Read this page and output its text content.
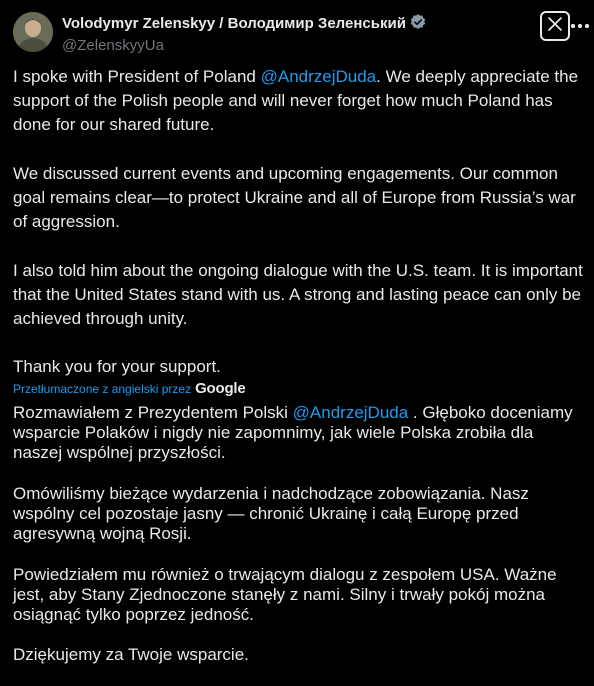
Volodymyr Zelenskyy / Володимир Зеленський
@ZelenskyyUa

I spoke with President of Poland @AndrzejDuda. We deeply appreciate the support of the Polish people and will never forget how much Poland has done for our shared future.

We discussed current events and upcoming engagements. Our common goal remains clear—to protect Ukraine and all of Europe from Russia’s war of aggression.

I also told him about the ongoing dialogue with the U.S. team. It is important that the United States stand with us. A strong and lasting peace can only be achieved through unity.

Thank you for your support.

Przetłumaczone z angielski przez Google

Rozmawiałem z Prezydentem Polski @AndrzejDuda . Głęboko doceniamy wsparcie Polaków i nigdy nie zapomnimy, jak wiele Polska zrobiła dla naszej wspólnej przyszłości.

Omówiliśmy bieżące wydarzenia i nadchodzące zobowiązania. Nasz wspólny cel pozostaje jasny — chronić Ukrainę i całą Europę przed agresywną wojną Rosji.

Powiedziałem mu również o trwającym dialogu z zespołem USA. Ważne jest, aby Stany Zjednoczone stanęły z nami. Silny i trwały pokój można osiągnąć tylko poprzez jedność.

Dziękujemy za Twoje wsparcie.
